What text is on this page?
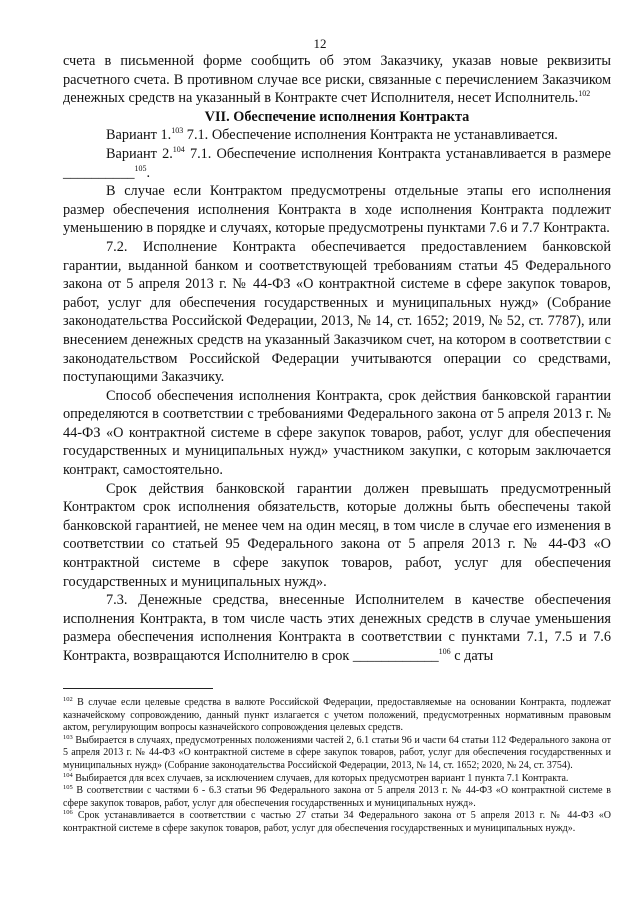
12

счета в письменной форме сообщить об этом Заказчику, указав новые реквизиты расчетного счета. В противном случае все риски, связанные с перечислением Заказчиком денежных средств на указанный в Контракте счет Исполнителя, несет Исполнитель.$^{102}$

VII. Обеспечение исполнения Контракта

Вариант 1.$^{103}$ 7.1. Обеспечение исполнения Контракта не устанавливается.

Вариант 2.$^{104}$ 7.1. Обеспечение исполнения Контракта устанавливается в размере __________$^{105}$.

В случае если Контрактом предусмотрены отдельные этапы его исполнения размер обеспечения исполнения Контракта в ходе исполнения Контракта подлежит уменьшению в порядке и случаях, которые предусмотрены пунктами 7.6 и 7.7 Контракта.

7.2. Исполнение Контракта обеспечивается предоставлением банковской гарантии, выданной банком и соответствующей требованиям статьи 45 Федерального закона от 5 апреля 2013 г. № 44-ФЗ «О контрактной системе в сфере закупок товаров, работ, услуг для обеспечения государственных и муниципальных нужд» (Собрание законодательства Российской Федерации, 2013, № 14, ст. 1652; 2019, № 52, ст. 7787), или внесением денежных средств на указанный Заказчиком счет, на котором в соответствии с законодательством Российской Федерации учитываются операции со средствами, поступающими Заказчику.

Способ обеспечения исполнения Контракта, срок действия банковской гарантии определяются в соответствии с требованиями Федерального закона от 5 апреля 2013 г. № 44-ФЗ «О контрактной системе в сфере закупок товаров, работ, услуг для обеспечения государственных и муниципальных нужд» участником закупки, с которым заключается контракт, самостоятельно.

Срок действия банковской гарантии должен превышать предусмотренный Контрактом срок исполнения обязательств, которые должны быть обеспечены такой банковской гарантией, не менее чем на один месяц, в том числе в случае его изменения в соответствии со статьей 95 Федерального закона от 5 апреля 2013 г. № 44-ФЗ «О контрактной системе в сфере закупок товаров, работ, услуг для обеспечения государственных и муниципальных нужд».

7.3. Денежные средства, внесенные Исполнителем в качестве обеспечения исполнения Контракта, в том числе часть этих денежных средств в случае уменьшения размера обеспечения исполнения Контракта в соответствии с пунктами 7.1, 7.5 и 7.6 Контракта, возвращаются Исполнителю в срок ____________$^{106}$ с даты

$^{102}$ В случае если целевые средства в валюте Российской Федерации, предоставляемые на основании Контракта, подлежат казначейскому сопровождению, данный пункт излагается с учетом положений, предусмотренных нормативным правовым актом, регулирующим вопросы казначейского сопровождения целевых средств.

$^{103}$ Выбирается в случаях, предусмотренных положениями частей 2, 6.1 статьи 96 и части 64 статьи 112 Федерального закона от 5 апреля 2013 г. № 44-ФЗ «О контрактной системе в сфере закупок товаров, работ, услуг для обеспечения государственных и муниципальных нужд» (Собрание законодательства Российской Федерации, 2013, № 14, ст. 1652; 2020, № 24, ст. 3754).

$^{104}$ Выбирается для всех случаев, за исключением случаев, для которых предусмотрен вариант 1 пункта 7.1 Контракта.

$^{105}$ В соответствии с частями 6 - 6.3 статьи 96 Федерального закона от 5 апреля 2013 г. № 44-ФЗ «О контрактной системе в сфере закупок товаров, работ, услуг для обеспечения государственных и муниципальных нужд».

$^{106}$ Срок устанавливается в соответствии с частью 27 статьи 34 Федерального закона от 5 апреля 2013 г. № 44-ФЗ «О контрактной системе в сфере закупок товаров, работ, услуг для обеспечения государственных и муниципальных нужд».
